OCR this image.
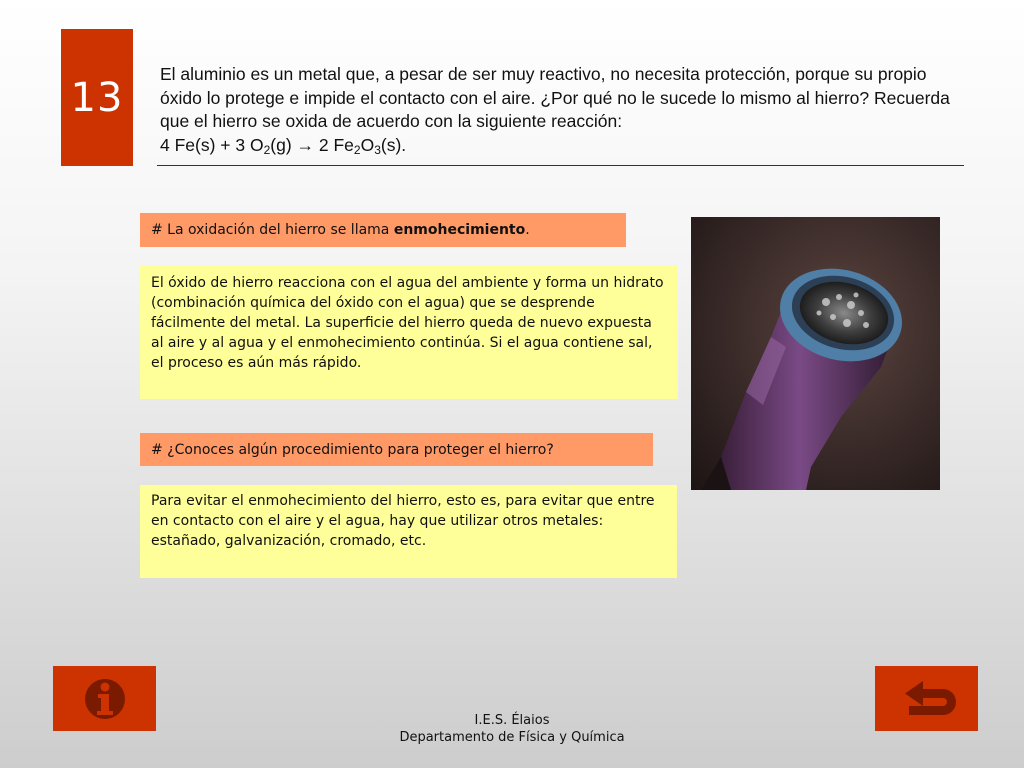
13
El aluminio es un metal que, a pesar de ser muy reactivo, no necesita protección, porque su propio óxido lo protege e impide el contacto con el aire. ¿Por qué no le sucede lo mismo al hierro? Recuerda que el hierro se oxida de acuerdo con la siguiente reacción:
4 Fe(s) + 3 $O_2(g) \to 2$ $Fe_2O_3(s)$.
# La oxidación del hierro se llama enmohecimiento.
El óxido de hierro reacciona con el agua del ambiente y forma un hidrato (combinación química del óxido con el agua) que se desprende fácilmente del metal. La superficie del hierro queda de nuevo expuesta al aire y al agua y el enmohecimiento continúa. Si el agua contiene sal, el proceso es aún más rápido.
# ¿Conoces algún procedimiento para proteger el hierro?
Para evitar el enmohecimiento del hierro, esto es, para evitar que entre en contacto con el aire y el agua, hay que utilizar otros metales: estañado, galvanización, cromado, etc.
I.E.S. Élaios
Departamento de Física y Química
